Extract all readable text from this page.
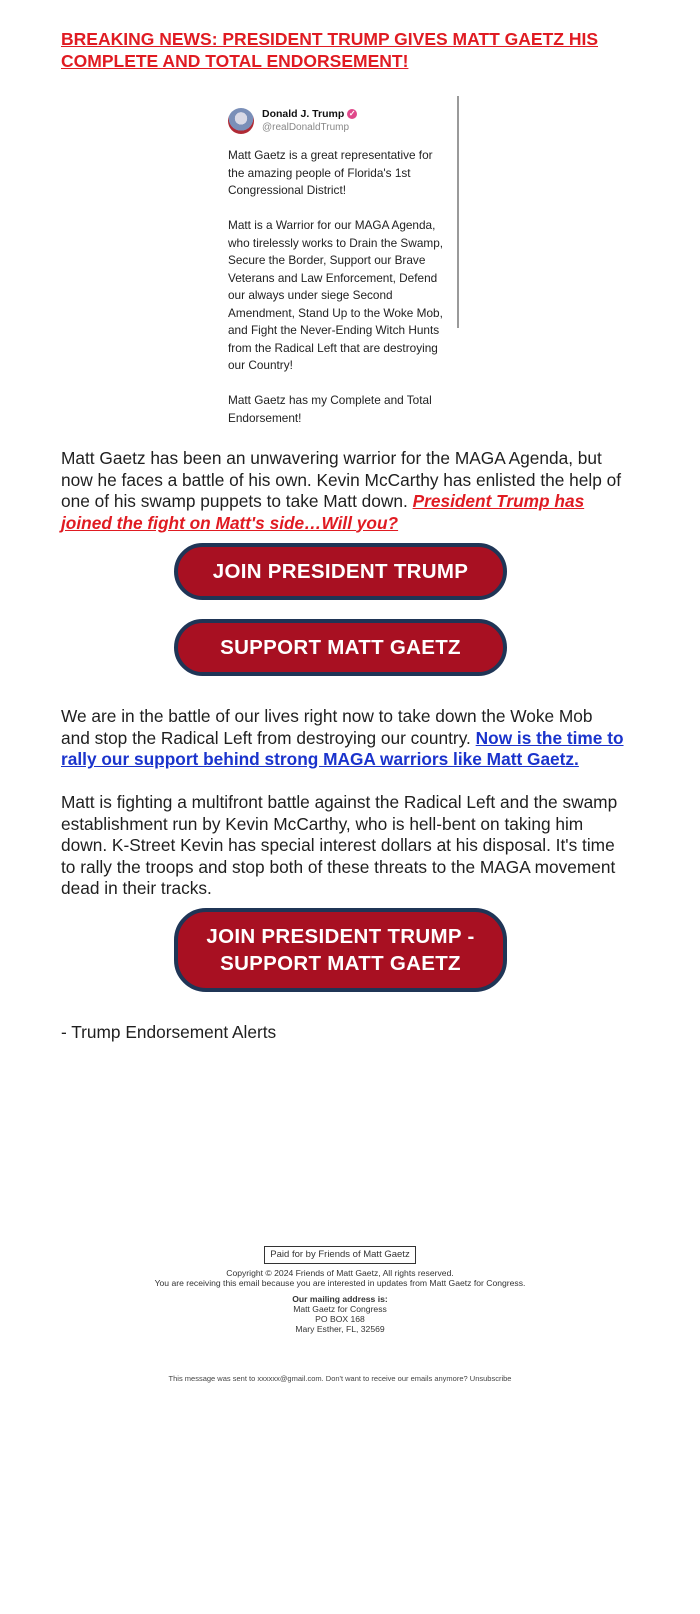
BREAKING NEWS: PRESIDENT TRUMP GIVES MATT GAETZ HIS
COMPLETE AND TOTAL ENDORSEMENT!
Donald J. Trump ✓
@realDonaldTrump

Matt Gaetz is a great representative for the amazing people of Florida's 1st Congressional District!

Matt is a Warrior for our MAGA Agenda, who tirelessly works to Drain the Swamp, Secure the Border, Support our Brave Veterans and Law Enforcement, Defend our always under siege Second Amendment, Stand Up to the Woke Mob, and Fight the Never-Ending Witch Hunts from the Radical Left that are destroying our Country!

Matt Gaetz has my Complete and Total Endorsement!

Matt Gaetz has been an unwavering warrior for the MAGA Agenda, but now he faces a battle of his own. Kevin McCarthy has enlisted the help of one of his swamp puppets to take Matt down. President Trump has joined the fight on Matt's side…Will you?
JOIN PRESIDENT TRUMP
SUPPORT MATT GAETZ
We are in the battle of our lives right now to take down the Woke Mob and stop the Radical Left from destroying our country. Now is the time to rally our support behind strong MAGA warriors like Matt Gaetz.
Matt is fighting a multifront battle against the Radical Left and the swamp establishment run by Kevin McCarthy, who is hell-bent on taking him down. K-Street Kevin has special interest dollars at his disposal. It's time to rally the troops and stop both of these threats to the MAGA movement dead in their tracks.
JOIN PRESIDENT TRUMP -
SUPPORT MATT GAETZ
- Trump Endorsement Alerts
Paid for by Friends of Matt Gaetz
Copyright © 2024 Friends of Matt Gaetz, All rights reserved.
You are receiving this email because you are interested in updates from Matt Gaetz for Congress.
Our mailing address is:
Matt Gaetz for Congress
PO BOX 168
Mary Esther, FL, 32569
This message was sent to xxxxxx@gmail.com. Don't want to receive our emails anymore? Unsubscribe
